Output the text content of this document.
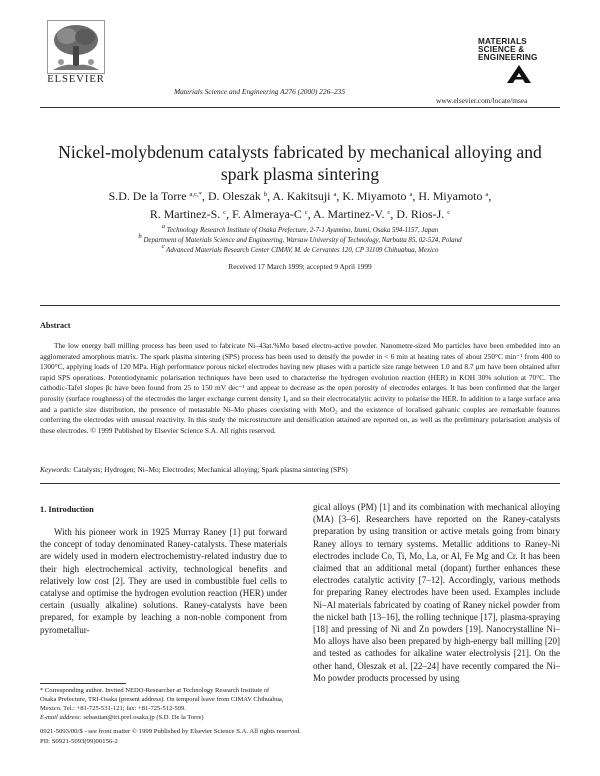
ELSEVIER
Materials Science and Engineering A276 (2000) 226–235
MATERIALS
SCIENCE &
ENGINEERING
www.elsevier.com/locate/msea
Nickel-molybdenum catalysts fabricated by mechanical alloying and spark plasma sintering
S.D. De la Torre $^{a,c,*}$, D. Oleszak $^b$, A. Kakitsuji $^a$, K. Miyamoto $^a$, H. Miyamoto $^a$,
R. Martinez-S. $^c$, F. Almeraya-C $^c$, A. Martinez-V. $^c$, D. Rios-J. $^c$
$^a$ Technology Research Institute of Osaka Prefecture, 2-7-1 Ayumino, Izumi, Osaka 594-1157, Japan
$^b$ Department of Materials Science and Engineering, Warsaw University of Technology, Narbutta 85, 02-524, Poland
$^c$ Advanced Materials Research Center CIMAV, M. de Cervantes 120, CP 31109 Chihuahua, Mexico
Received 17 March 1999; accepted 9 April 1999
Abstract

The low energy ball milling process has been used to fabricate Ni–43at.%Mo based electro-active powder. Nanometre-sized Mo particles have been embedded into an agglomerated amorphous matrix. The spark plasma sintering (SPS) process has been used to densify the powder in < 6 min at heating rates of about 250°C min⁻¹ from 400 to 1300°C, applying loads of 120 MPa. High performance porous nickel electrodes having new phases with a particle size range between 1.0 and 8.7 µm have been obtained after rapid SPS operations. Potentiodynamic polarisation techniques have been used to characterise the hydrogen evolution reaction (HER) in KOH 30% solution at 70°C. The cathodic-Tafel slopes βc have been found from 25 to 150 mV dec⁻¹ and appear to decrease as the open porosity of electrodes enlarges. It has been confirmed that the larger porosity (surface roughness) of the electrodes the larger exchange current density I₀ and so their electrocatalytic activity to polarise the HER. In addition to a large surface area and a particle size distribution, the presence of metastable Ni–Mo phases coexisting with MoO₂ and the existence of localised galvanic couples are remarkable features conferring the electrodes with unusual reactivity. In this study the microstructure and densification attained are reported on, as well as the preliminary polarisation analysis of these electrodes. © 1999 Published by Elsevier Science S.A. All rights reserved.

Keywords: Catalysts; Hydrogen; Ni–Mo; Electrodes; Mechanical alloying; Spark plasma sintering (SPS)
1. Introduction

With his pioneer work in 1925 Murray Raney [1] put forward the concept of today denominated Raney-catalysts. These materials are widely used in modern electrochemistry-related industry due to their high electrochemical activity, technological benefits and relatively low cost [2]. They are used in combustible fuel cells to catalyse and optimise the hydrogen evolution reaction (HER) under certain (usually alkaline) solutions. Raney-catalysts have been prepared, for example by leaching a non-noble component from pyrometallur-

gical alloys (PM) [1] and its combination with mechanical alloying (MA) [3–6]. Researchers have reported on the Raney-catalysts preparation by using transition or active metals going from binary Raney alloys to ternary systems. Metallic additions to Raney-Ni electrodes include Co, Ti, Mo, La, or Al, Fe Mg and Cr. It has been claimed that an additional metal (dopant) further enhances these electrodes catalytic activity [7–12]. Accordingly, various methods for preparing Raney electrodes have been used. Examples include Ni–Al materials fabricated by coating of Raney nickel powder from the nickel bath [13–16], the rolling technique [17], plasma-spraying [18] and pressing of Ni and Zn powders [19]. Nanocrystalline Ni–Mo alloys have also been prepared by high-energy ball milling [20] and tested as cathodes for alkaline water electrolysis [21]. On the other hand, Oleszak et al. [22–24] have recently compared the Ni–Mo powder products processed by using

* Corresponding author. Invited NEDO-Researcher at Technology Research Institute of Osaka Prefecture, TRI-Osaka (present address). On temporal leave from CIMAV Chihuahua, Mexico. Tel.: +81-725-531-121; fax: +81-725-512-509.

E-mail address: sebastian@tri.pref.osaka.jp (S.D. De la Torre)

0921-5093/00/$ - see front matter © 1999 Published by Elsevier Science S.A. All rights reserved.

PII: S0921-5093(99)00156-2
